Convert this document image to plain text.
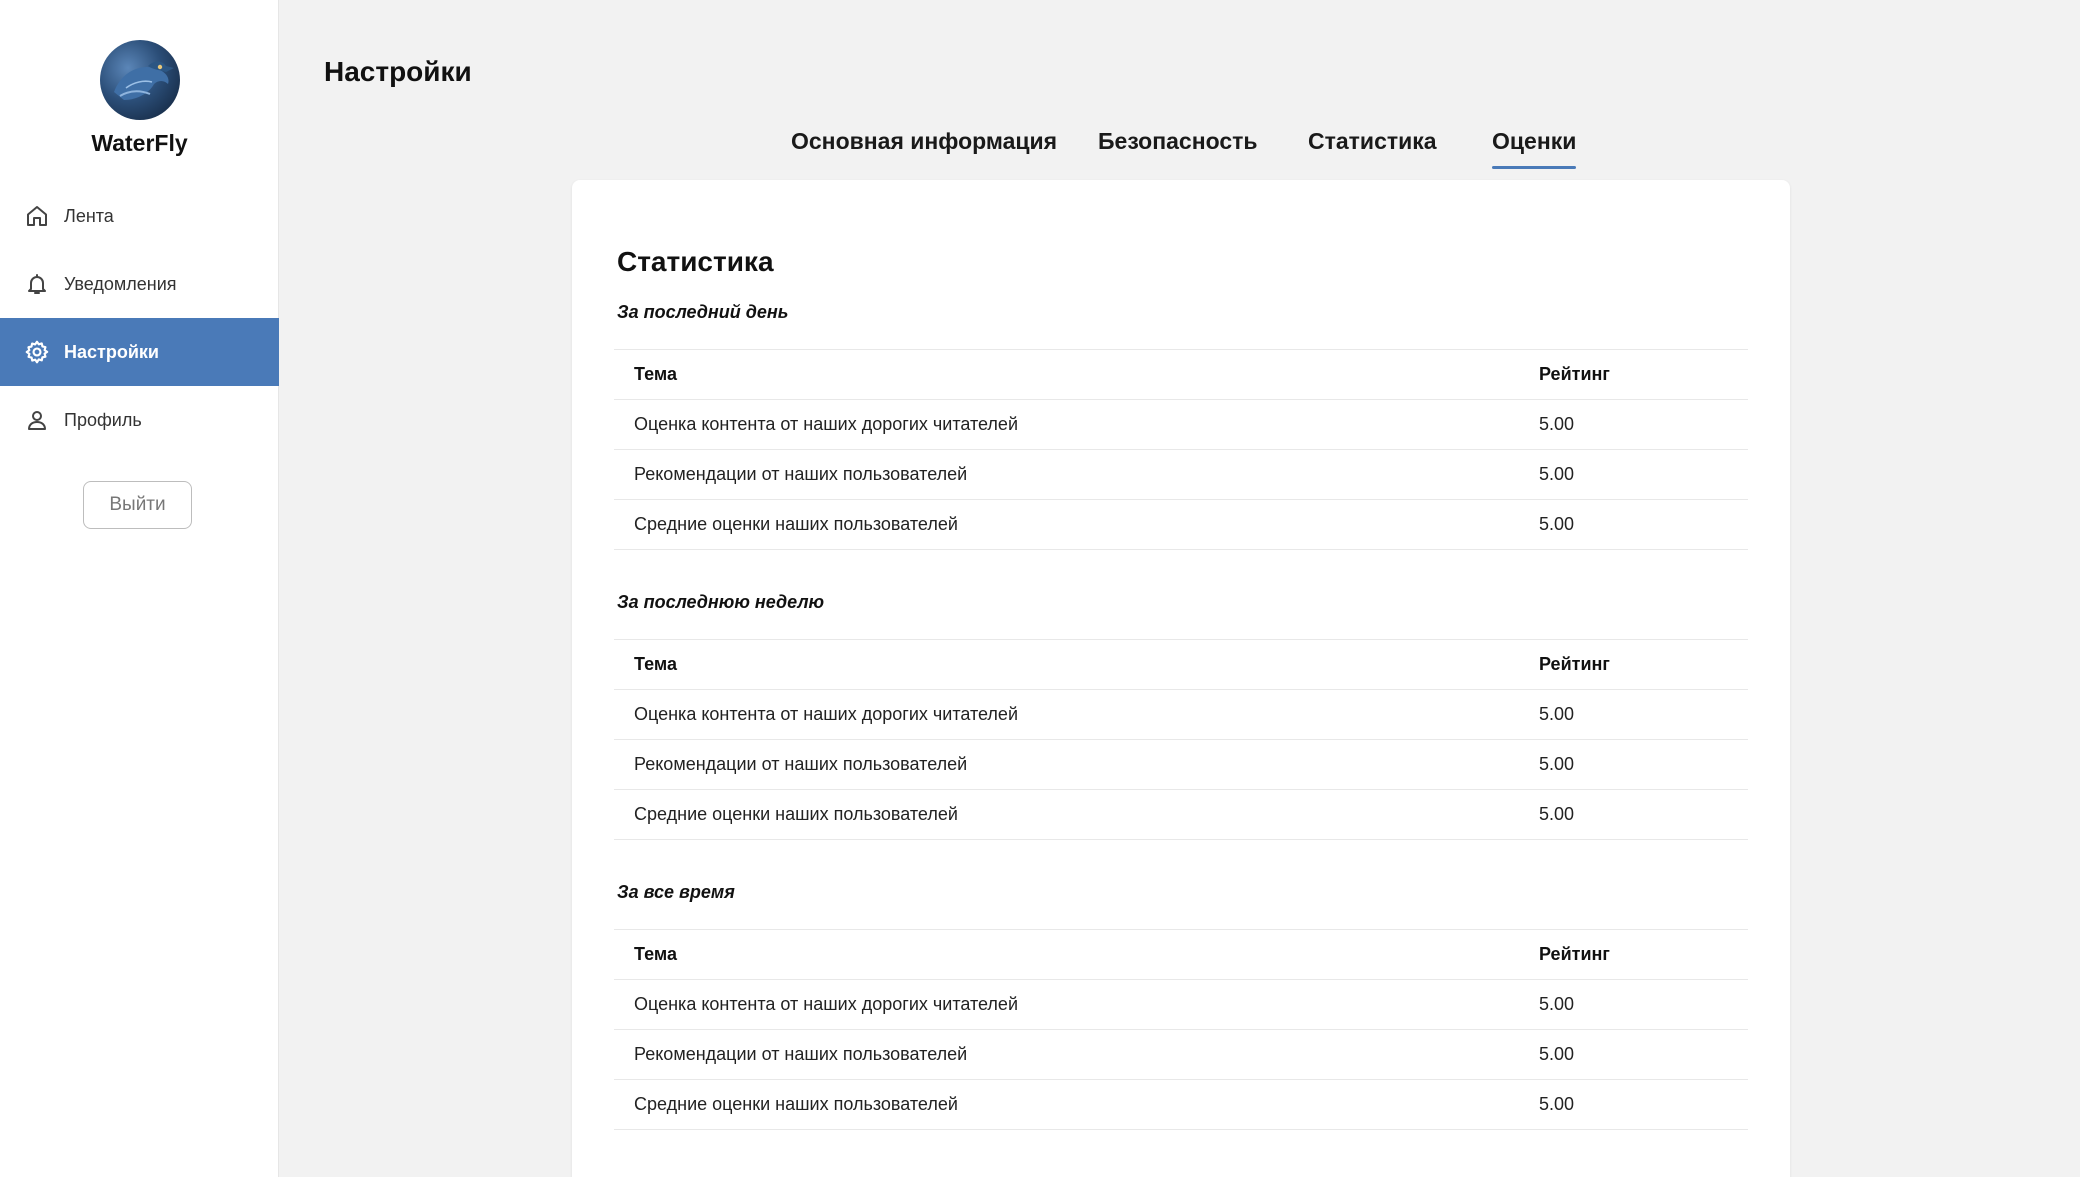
WaterFly
Лента
Уведомления
Настройки
Профиль
Выйти
Настройки
Основная информация Безопасность Статистика Оценки
Статистика
За последний день
Тема	Рейтинг
Оценка контента от наших дорогих читателей	5.00
Рекомендации от наших пользователей	5.00
Средние оценки наших пользователей	5.00
За последнюю неделю
Тема	Рейтинг
Оценка контента от наших дорогих читателей	5.00
Рекомендации от наших пользователей	5.00
Средние оценки наших пользователей	5.00
За все время
Тема	Рейтинг
Оценка контента от наших дорогих читателей	5.00
Рекомендации от наших пользователей	5.00
Средние оценки наших пользователей	5.00
